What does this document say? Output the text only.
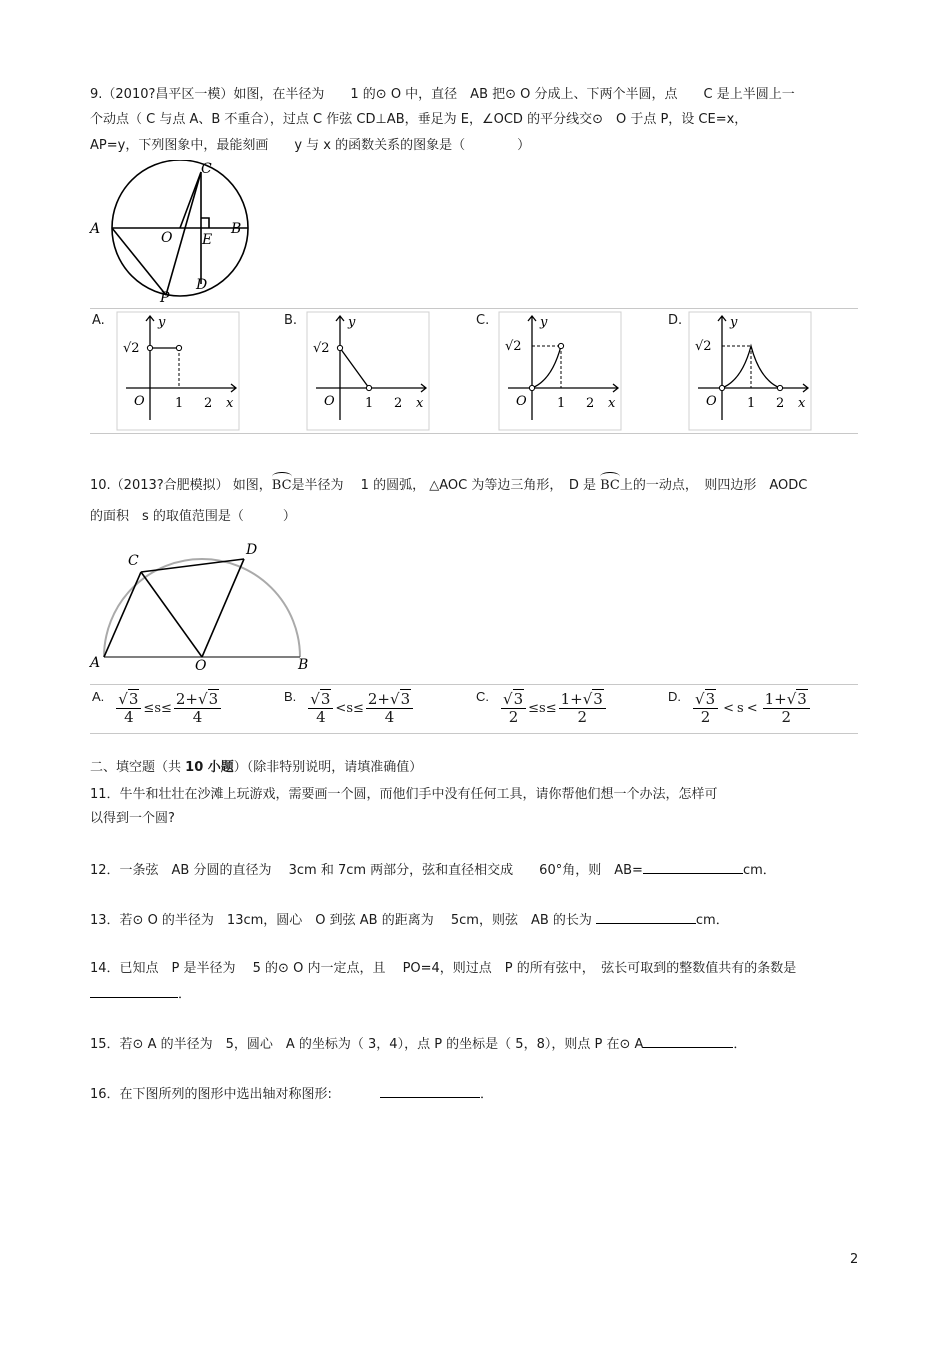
9.（2010?昌平区一模）如图，在半径为　　1 的⊙ O 中，直径　AB 把⊙ O 分成上、下两个半圆，点　　C 是上半圆上一
个动点（ C 与点 A、B 不重合），过点 C 作弦 CD⊥AB，垂足为 E，∠OCD 的平分线交⊙　O 于点 P，设 CE=x，
AP=y，下列图象中，最能刻画　　y 与 x 的函数关系的图象是（　　　　）
A
O E
B
C
P
D
A.	y
√2
O 1 2 x
B.	y
√2
O 1 2 x
C.	y
√2
O 1 2 x
D.	y
√2
O 1 2 x
10.（2013?合肥模拟） 如图，BC是半径为　 1 的圆弧， △AOC 为等边三角形，　D 是 BC上的一动点，　则四边形　AODC
的面积　s 的取值范围是（　　　）
C
D
A	O	B
A. $\frac{√3}{4} \le s \le \frac{2+√3}{4}$	B. $\frac{√3}{4} < s \le \frac{2+√3}{4}$	C. $\frac{√3}{2} \le s \le \frac{1+√3}{2}$	D. $\frac{√3}{2} < s < \frac{1+√3}{2}$
二、填空题（共 10 小题）（除非特别说明，请填准确值）
11．牛牛和壮壮在沙滩上玩游戏，需要画一个圆，而他们手中没有任何工具，请你帮他们想一个办法，怎样可
以得到一个圆?
12．一条弦　AB 分圆的直径为　 3cm 和 7cm 两部分，弦和直径相交成　　60°角，则　AB=	cm．
13．若⊙ O 的半径为　13cm，圆心　O 到弦 AB 的距离为　 5cm，则弦　AB 的长为	cm．
14．已知点　P 是半径为　 5 的⊙ O 内一定点，且　 PO=4，则过点　P 的所有弦中，　弦长可取到的整数值共有的条数是
．
15．若⊙ A 的半径为　5，圆心　A 的坐标为（ 3，4），点 P 的坐标是（ 5，8），则点 P 在⊙ A	．
16．在下图所列的图形中选出轴对称图形:	．
2
